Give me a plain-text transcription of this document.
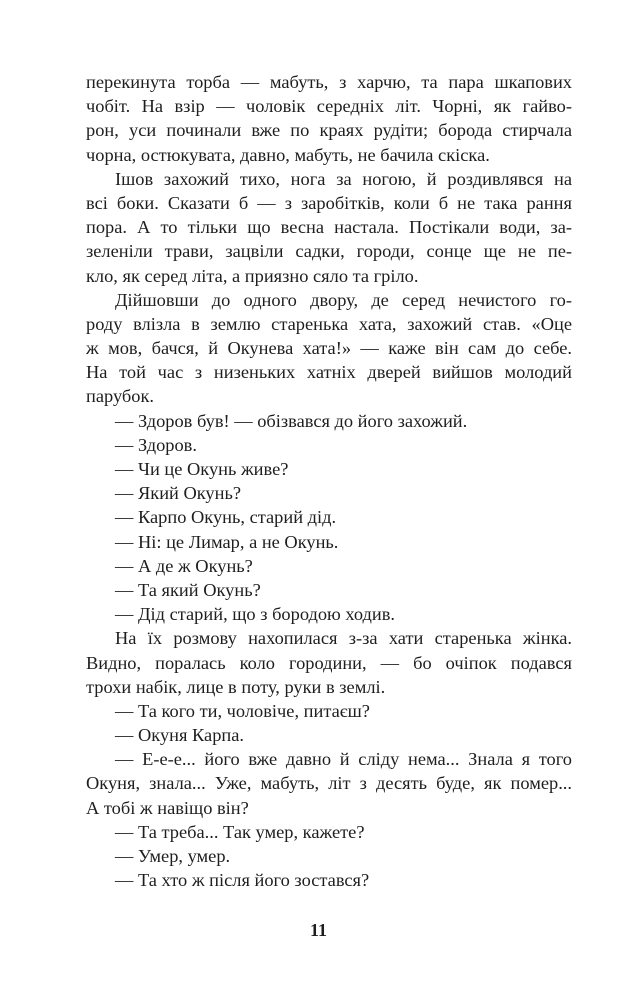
перекинута торба — мабуть, з харчю, та пара шкапових
чобіт. На взір — чоловік середніх літ. Чорні, як гайво-
рон, уси починали вже по краях рудіти; борода стирчала
чорна, остюкувата, давно, мабуть, не бачила скіска.
Ішов захожий тихо, нога за ногою, й роздивлявся на
всі боки. Сказати б — з заробітків, коли б не така рання
пора. А то тільки що весна настала. Постікали води, за-
зеленіли трави, зацвіли садки, городи, сонце ще не пе-
кло, як серед літа, а приязно сяло та гріло.
Дійшовши до одного двору, де серед нечистого го-
роду влізла в землю старенька хата, захожий став. «Оце
ж мов, бачся, й Окунева хата!» — каже він сам до себе.
На той час з низеньких хатніх дверей вийшов молодий
парубок.
— Здоров був! — обізвався до його захожий.
— Здоров.
— Чи це Окунь живе?
— Який Окунь?
— Карпо Окунь, старий дід.
— Ні: це Лимар, а не Окунь.
— А де ж Окунь?
— Та який Окунь?
— Дід старий, що з бородою ходив.
На їх розмову нахопилася з-за хати старенька жінка.
Видно, поралась коло городини, — бо очіпок подався
трохи набік, лице в поту, руки в землі.
— Та кого ти, чоловіче, питаєш?
— Окуня Карпа.
— Е-е-е... його вже давно й сліду нема... Знала я того
Окуня, знала... Уже, мабуть, літ з десять буде, як помер...
А тобі ж навіщо він?
— Та треба... Так умер, кажете?
— Умер, умер.
— Та хто ж після його зостався?
11
